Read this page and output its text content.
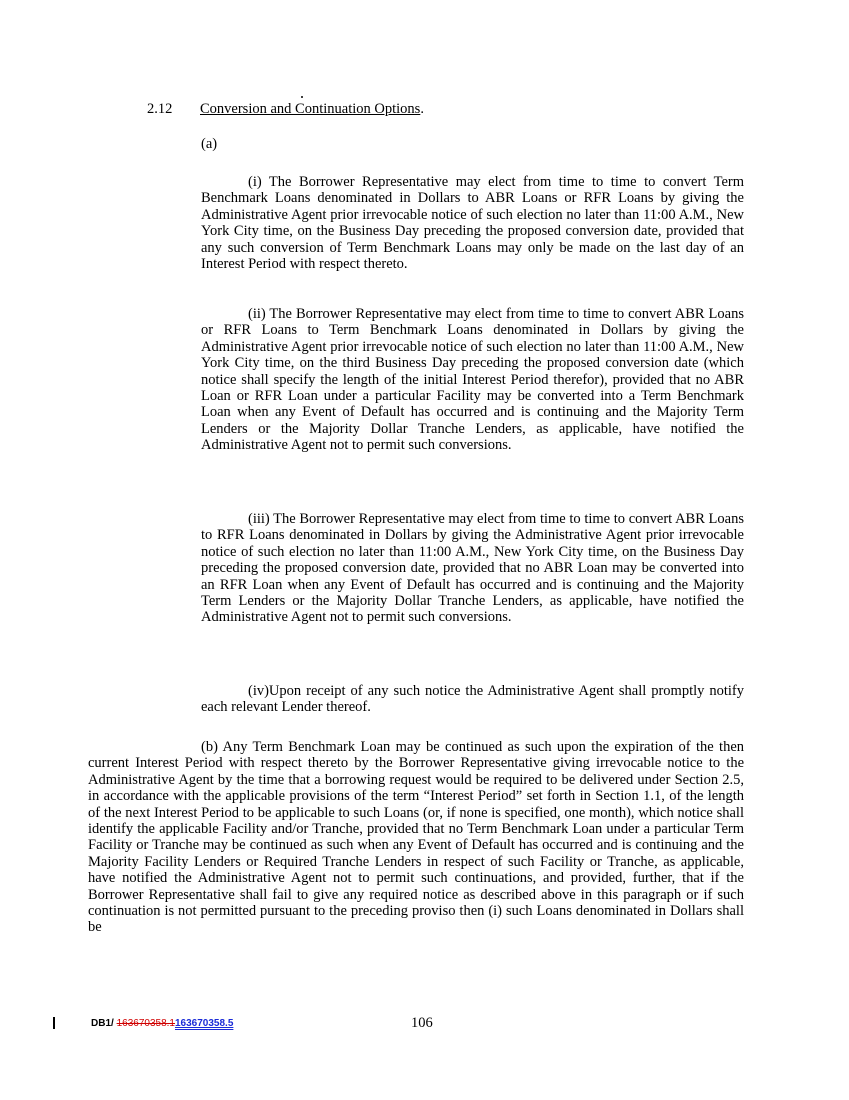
2.12 Conversion and Continuation Options.
(a)

(i) The Borrower Representative may elect from time to time to convert Term Benchmark Loans denominated in Dollars to ABR Loans or RFR Loans by giving the Administrative Agent prior irrevocable notice of such election no later than 11:00 A.M., New York City time, on the Business Day preceding the proposed conversion date, provided that any such conversion of Term Benchmark Loans may only be made on the last day of an Interest Period with respect thereto.

(ii) The Borrower Representative may elect from time to time to convert ABR Loans or RFR Loans to Term Benchmark Loans denominated in Dollars by giving the Administrative Agent prior irrevocable notice of such election no later than 11:00 A.M., New York City time, on the third Business Day preceding the proposed conversion date (which notice shall specify the length of the initial Interest Period therefor), provided that no ABR Loan or RFR Loan under a particular Facility may be converted into a Term Benchmark Loan when any Event of Default has occurred and is continuing and the Majority Term Lenders or the Majority Dollar Tranche Lenders, as applicable, have notified the Administrative Agent not to permit such conversions.

(iii) The Borrower Representative may elect from time to time to convert ABR Loans to RFR Loans denominated in Dollars by giving the Administrative Agent prior irrevocable notice of such election no later than 11:00 A.M., New York City time, on the Business Day preceding the proposed conversion date, provided that no ABR Loan may be converted into an RFR Loan when any Event of Default has occurred and is continuing and the Majority Term Lenders or the Majority Dollar Tranche Lenders, as applicable, have notified the Administrative Agent not to permit such conversions.

(iv)Upon receipt of any such notice the Administrative Agent shall promptly notify each relevant Lender thereof.

(b) Any Term Benchmark Loan may be continued as such upon the expiration of the then current Interest Period with respect thereto by the Borrower Representative giving irrevocable notice to the Administrative Agent by the time that a borrowing request would be required to be delivered under Section 2.5, in accordance with the applicable provisions of the term “Interest Period” set forth in Section 1.1, of the length of the next Interest Period to be applicable to such Loans (or, if none is specified, one month), which notice shall identify the applicable Facility and/or Tranche, provided that no Term Benchmark Loan under a particular Term Facility or Tranche may be continued as such when any Event of Default has occurred and is continuing and the Majority Facility Lenders or Required Tranche Lenders in respect of such Facility or Tranche, as applicable, have notified the Administrative Agent not to permit such continuations, and provided, further, that if the Borrower Representative shall fail to give any required notice as described above in this paragraph or if such continuation is not permitted pursuant to the preceding proviso then (i) such Loans denominated in Dollars shall be

DB1/ 163670358.1163670358.5	106
